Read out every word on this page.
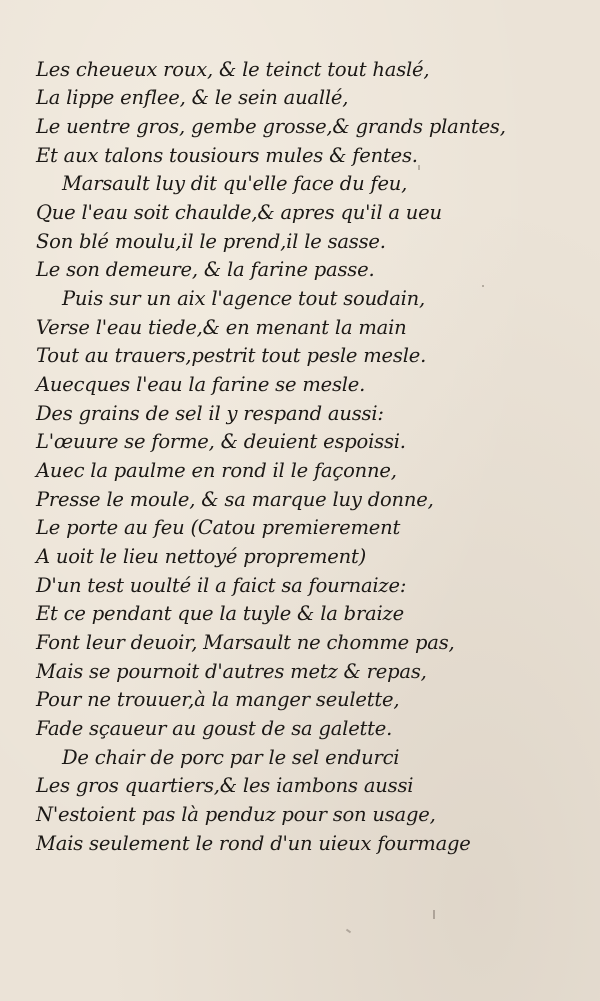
Les cheueux roux, & le teinct tout haslé,
La lippe enflee, & le sein auallé,
Le uentre gros, gembe grosse,& grands plantes,
Et aux talons tousiours mules & fentes.
Marsault luy dit qu'elle face du feu,
Que l'eau soit chaulde,& apres qu'il a ueu
Son blé moulu,il le prend,il le sasse.
Le son demeure, & la farine passe.
Puis sur un aix l'agence tout soudain,
Verse l'eau tiede,& en menant la main
Tout au trauers,pestrit tout pesle mesle.
Auecques l'eau la farine se mesle.
Des grains de sel il y respand aussi:
L'œuure se forme, & deuient espoissi.
Auec la paulme en rond il le façonne,
Presse le moule, & sa marque luy donne,
Le porte au feu (Catou premierement
A uoit le lieu nettoyé proprement)
D'un test uoulté il a faict sa fournaize:
Et ce pendant que la tuyle & la braize
Font leur deuoir, Marsault ne chomme pas,
Mais se pournoit d'autres metz & repas,
Pour ne trouuer,à la manger seulette,
Fade sçaueur au goust de sa galette.
De chair de porc par le sel endurci
Les gros quartiers,& les iambons aussi
N'estoient pas là penduz pour son usage,
Mais seulement le rond d'un uieux fourmage
